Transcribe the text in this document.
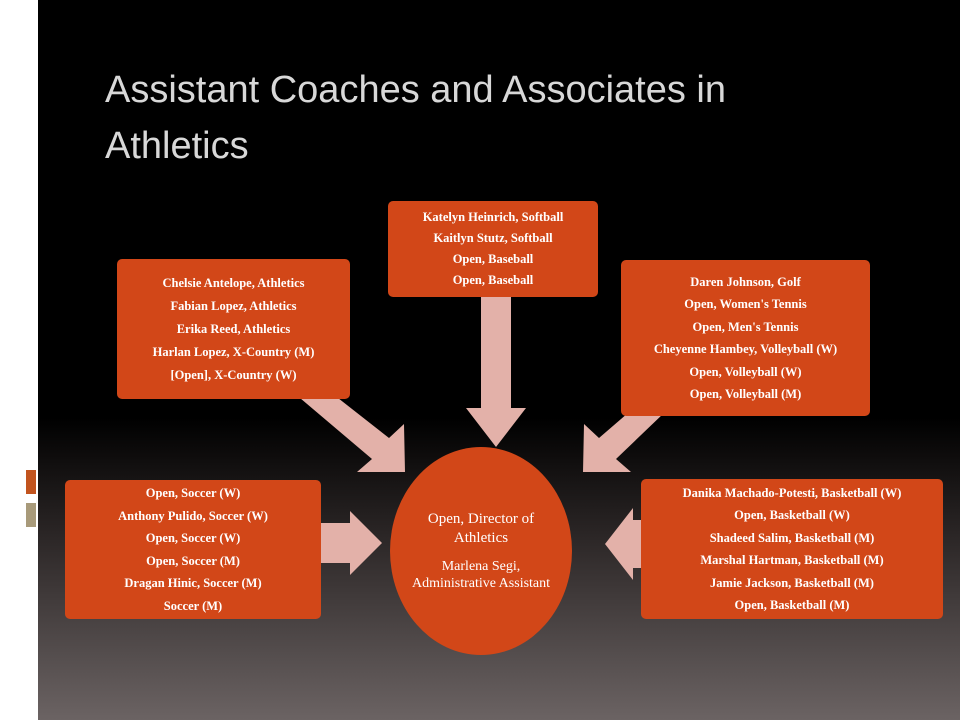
Assistant Coaches and Associates in Athletics
Katelyn Heinrich, Softball
Kaitlyn Stutz, Softball
Open, Baseball
Open, Baseball
Chelsie Antelope, Athletics
Fabian Lopez, Athletics
Erika Reed, Athletics
Harlan Lopez, X-Country (M)
[Open], X-Country (W)
Daren Johnson, Golf
Open, Women's Tennis
Open, Men's Tennis
Cheyenne Hambey, Volleyball (W)
Open, Volleyball (W)
Open, Volleyball (M)
Open, Soccer (W)
Anthony Pulido, Soccer (W)
Open, Soccer (W)
Open, Soccer (M)
Dragan Hinic, Soccer (M)
Soccer (M)
Danika Machado-Potesti, Basketball (W)
Open, Basketball (W)
Shadeed Salim, Basketball (M)
Marshal Hartman, Basketball (M)
Jamie Jackson, Basketball (M)
Open, Basketball (M)
Open, Director of Athletics
Marlena Segi, Administrative Assistant
